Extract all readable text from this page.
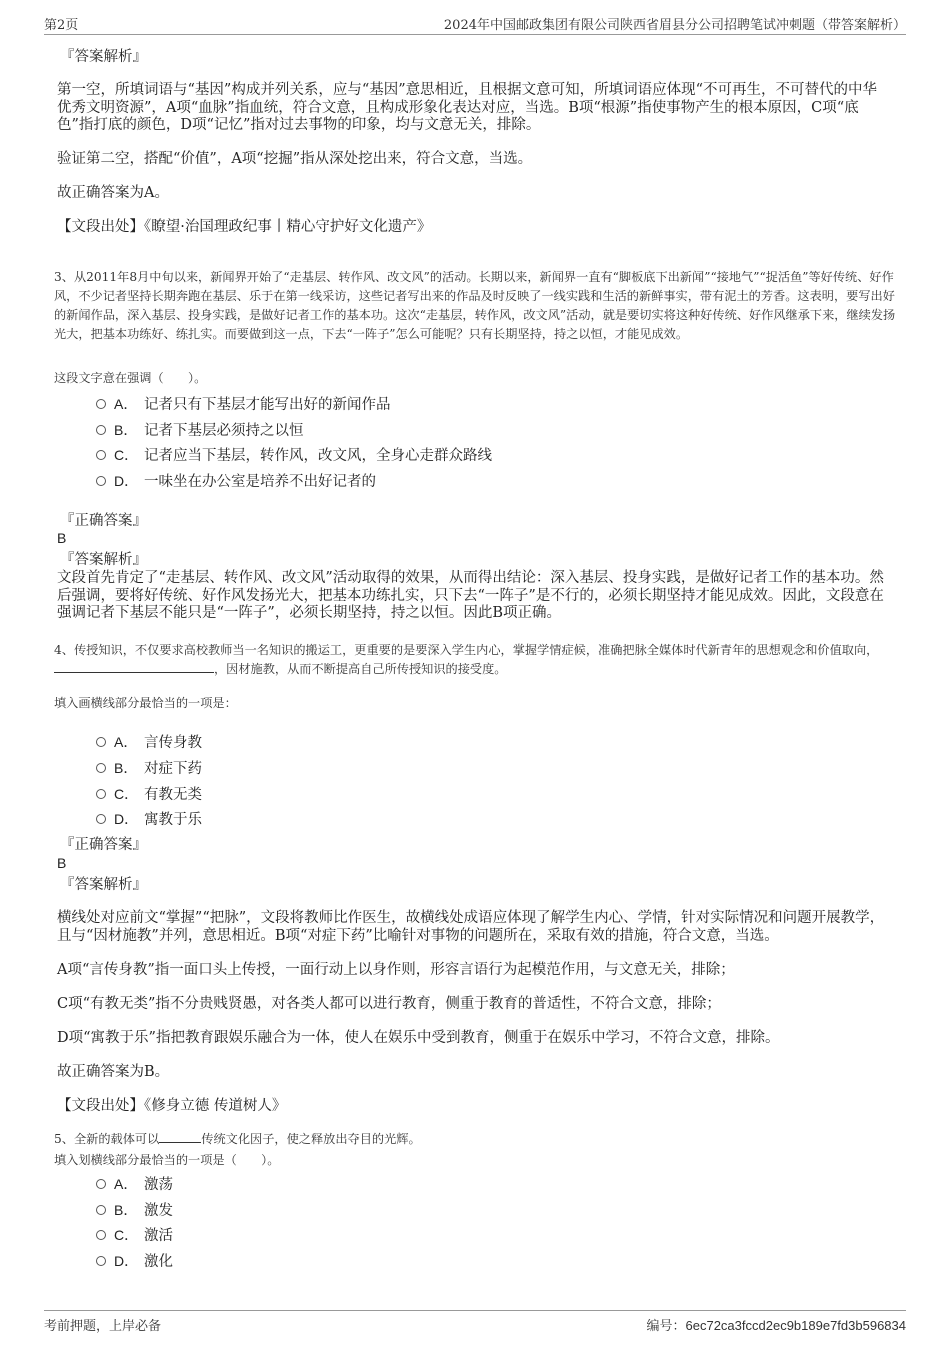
第2页	2024年中国邮政集团有限公司陕西省眉县分公司招聘笔试冲刺题（带答案解析）
『答案解析』
第一空，所填词语与“基因”构成并列关系，应与“基因”意思相近，且根据文意可知，所填词语应体现“不可再生，不可替代的中华优秀文明资源”，A项“血脉”指血统，符合文意，且构成形象化表达对应，当选。B项“根源”指使事物产生的根本原因，C项“底色”指打底的颜色，D项“记忆”指对过去事物的印象，均与文意无关，排除。
验证第二空，搭配“价值”，A项“挖掘”指从深处挖出来，符合文意，当选。
故正确答案为A。
【文段出处】《瞭望·治国理政纪事丨精心守护好文化遗产》
3、从2011年8月中旬以来，新闻界开始了“走基层、转作风、改文风”的活动。长期以来，新闻界一直有“脚板底下出新闻”“接地气”“捉活鱼”等好传统、好作风，不少记者坚持长期奔跑在基层、乐于在第一线采访，这些记者写出来的作品及时反映了一线实践和生活的新鲜事实，带有泥土的芳香。这表明，要写出好的新闻作品，深入基层、投身实践，是做好记者工作的基本功。这次“走基层，转作风，改文风”活动，就是要切实将这种好传统、好作风继承下来，继续发扬光大，把基本功练好、练扎实。而要做到这一点，下去“一阵子”怎么可能呢？只有长期坚持，持之以恒，才能见成效。
这段文字意在强调（　　）。
A． 记者只有下基层才能写出好的新闻作品
B． 记者下基层必须持之以恒
C． 记者应当下基层，转作风，改文风，全身心走群众路线
D． 一味坐在办公室是培养不出好记者的
『正确答案』
B
『答案解析』
文段首先肯定了“走基层、转作风、改文风”活动取得的效果，从而得出结论：深入基层、投身实践，是做好记者工作的基本功。然后强调，要将好传统、好作风发扬光大，把基本功练扎实，只下去“一阵子”是不行的，必须长期坚持才能见成效。因此，文段意在强调记者下基层不能只是“一阵子”，必须长期坚持，持之以恒。因此B项正确。
4、传授知识，不仅要求高校教师当一名知识的搬运工，更重要的是要深入学生内心，掌握学情症候，准确把脉全媒体时代新青年的思想观念和价值取向，，因材施教，从而不断提高自己所传授知识的接受度。
填入画横线部分最恰当的一项是：
A． 言传身教
B． 对症下药
C． 有教无类
D． 寓教于乐
『正确答案』
B
『答案解析』
横线处对应前文“掌握”“把脉”，文段将教师比作医生，故横线处成语应体现了解学生内心、学情，针对实际情况和问题开展教学，且与“因材施教”并列，意思相近。B项“对症下药”比喻针对事物的问题所在，采取有效的措施，符合文意，当选。
A项“言传身教”指一面口头上传授，一面行动上以身作则，形容言语行为起模范作用，与文意无关，排除；
C项“有教无类”指不分贵贱贤愚，对各类人都可以进行教育，侧重于教育的普适性，不符合文意，排除；
D项“寓教于乐”指把教育跟娱乐融合为一体，使人在娱乐中受到教育，侧重于在娱乐中学习，不符合文意，排除。
故正确答案为B。
【文段出处】《修身立德 传道树人》
5、全新的载体可以	传统文化因子，使之释放出夺目的光辉。
填入划横线部分最恰当的一项是（　　）。
A． 激荡
B． 激发
C． 激活
D． 激化
考前押题，上岸必备	编号：6ec72ca3fccd2ec9b189e7fd3b596834
